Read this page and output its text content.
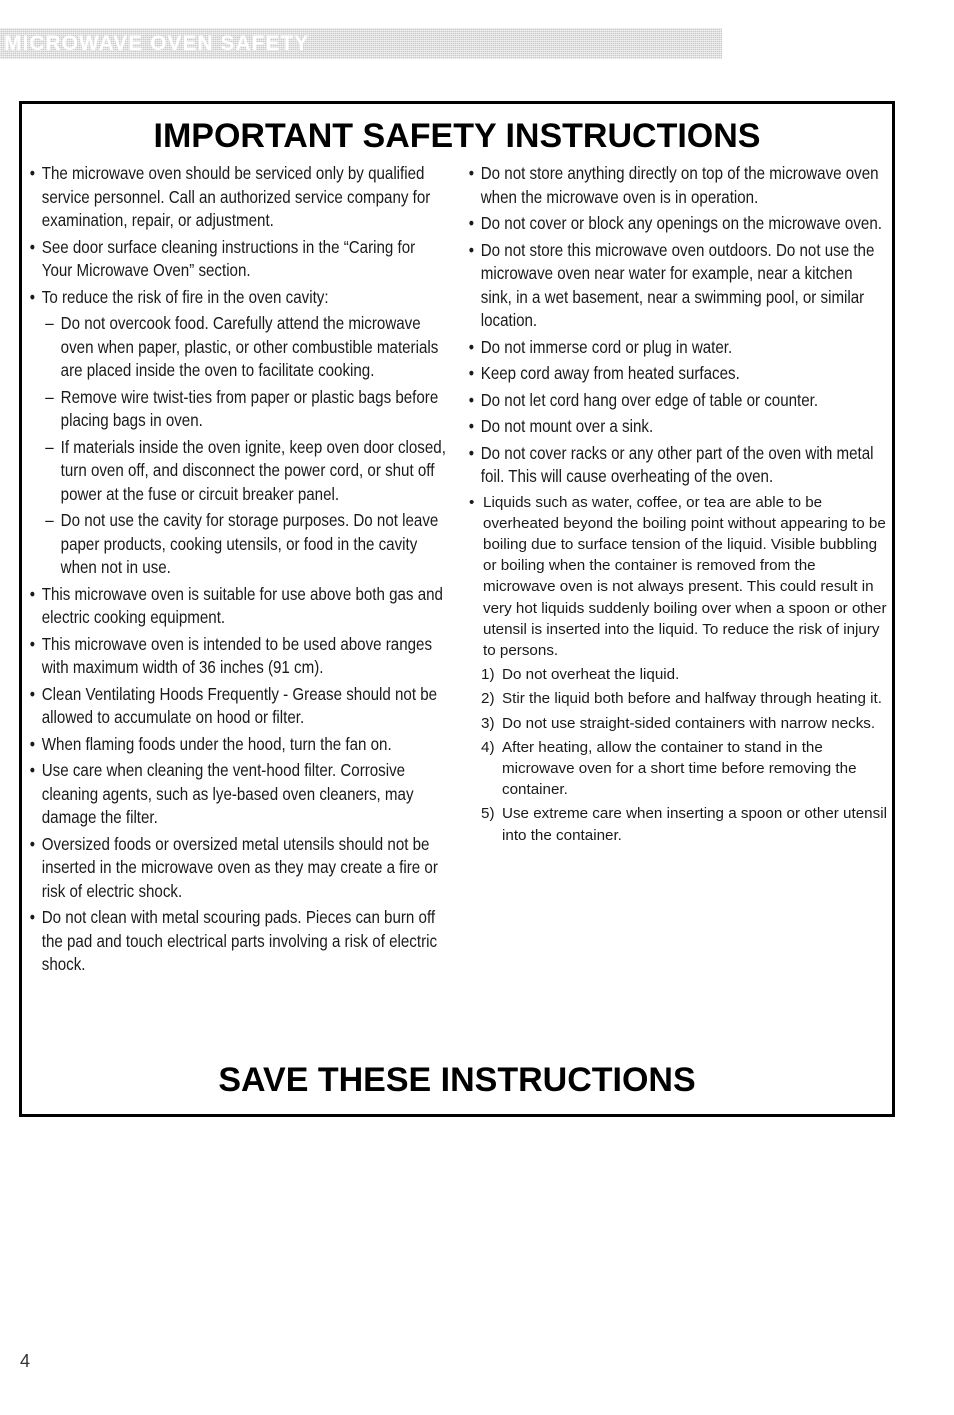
MICROWAVE OVEN SAFETY
IMPORTANT SAFETY INSTRUCTIONS
• The microwave oven should be serviced only by qualified service personnel. Call an authorized service company for examination, repair, or adjustment.
• See door surface cleaning instructions in the “Caring for Your Microwave Oven” section.
• To reduce the risk of fire in the oven cavity:
– Do not overcook food. Carefully attend the microwave oven when paper, plastic, or other combustible materials are placed inside the oven to facilitate cooking.
– Remove wire twist-ties from paper or plastic bags before placing bags in oven.
– If materials inside the oven ignite, keep oven door closed, turn oven off, and disconnect the power cord, or shut off power at the fuse or circuit breaker panel.
– Do not use the cavity for storage purposes. Do not leave paper products, cooking utensils, or food in the cavity when not in use.
• This microwave oven is suitable for use above both gas and electric cooking equipment.
• This microwave oven is intended to be used above ranges with maximum width of 36 inches (91 cm).
• Clean Ventilating Hoods Frequently - Grease should not be allowed to accumulate on hood or filter.
• When flaming foods under the hood, turn the fan on.
• Use care when cleaning the vent-hood filter. Corrosive cleaning agents, such as lye-based oven cleaners, may damage the filter.
• Oversized foods or oversized metal utensils should not be inserted in the microwave oven as they may create a fire or risk of electric shock.
• Do not clean with metal scouring pads. Pieces can burn off the pad and touch electrical parts involving a risk of electric shock.
• Do not store anything directly on top of the microwave oven when the microwave oven is in operation.
• Do not cover or block any openings on the microwave oven.
• Do not store this microwave oven outdoors. Do not use the microwave oven near water for example, near a kitchen sink, in a wet basement, near a swimming pool, or similar location.
• Do not immerse cord or plug in water.
• Keep cord away from heated surfaces.
• Do not let cord hang over edge of table or counter.
• Do not mount over a sink.
• Do not cover racks or any other part of the oven with metal foil. This will cause overheating of the oven.
• Liquids such as water, coffee, or tea are able to be overheated beyond the boiling point without appearing to be boiling due to surface tension of the liquid. Visible bubbling or boiling when the container is removed from the microwave oven is not always present. This could result in very hot liquids suddenly boiling over when a spoon or other utensil is inserted into the liquid. To reduce the risk of injury to persons.
1) Do not overheat the liquid.
2) Stir the liquid both before and halfway through heating it.
3) Do not use straight-sided containers with narrow necks.
4) After heating, allow the container to stand in the microwave oven for a short time before removing the container.
5) Use extreme care when inserting a spoon or other utensil into the container.
SAVE THESE INSTRUCTIONS
4
